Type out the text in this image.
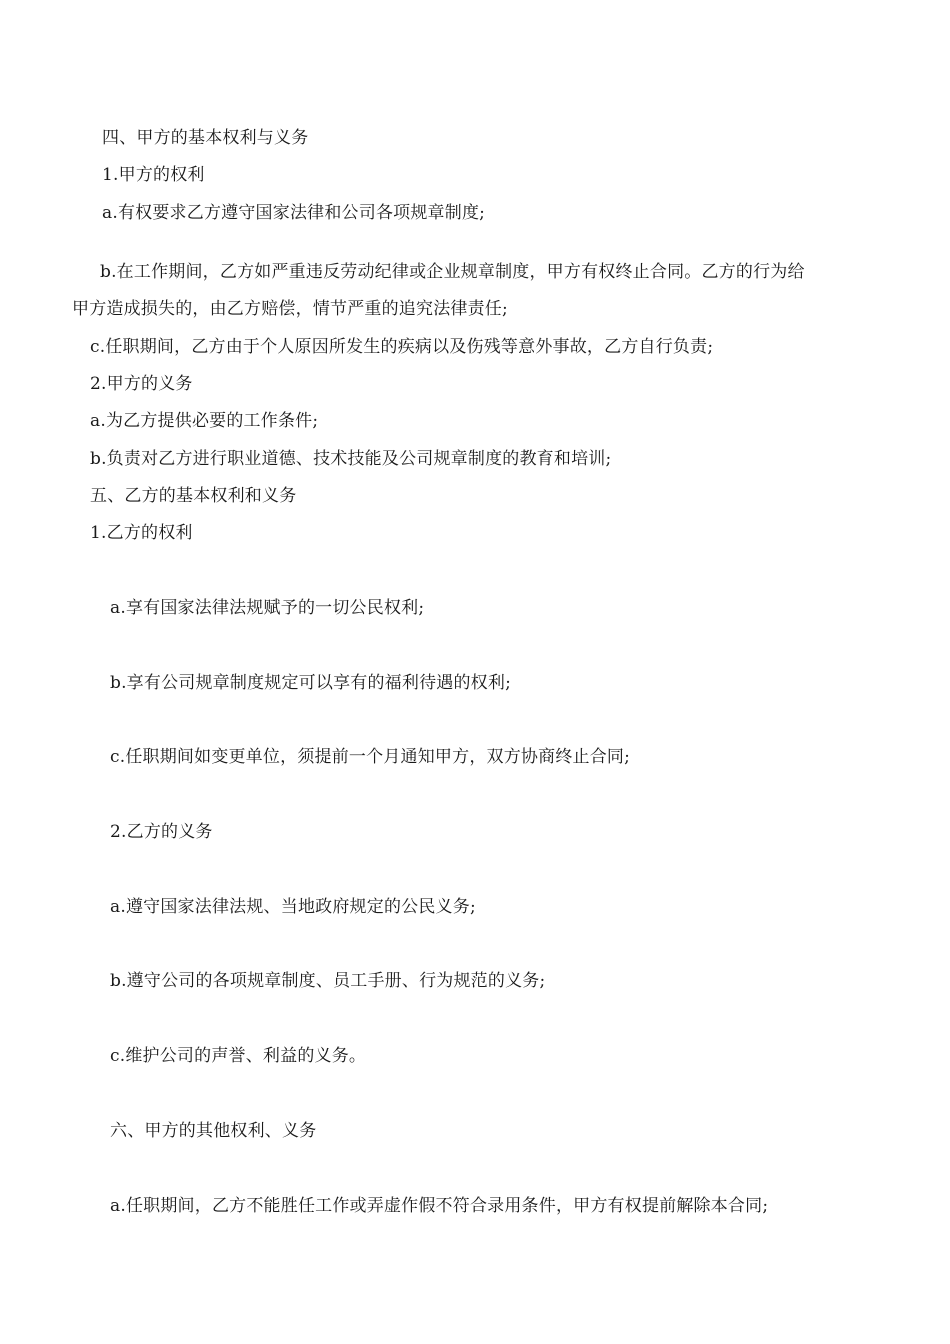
四、甲方的基本权利与义务
1.甲方的权利
a.有权要求乙方遵守国家法律和公司各项规章制度;
b.在工作期间，乙方如严重违反劳动纪律或企业规章制度，甲方有权终止合同。乙方的行为给
甲方造成损失的，由乙方赔偿，情节严重的追究法律责任;
c.任职期间，乙方由于个人原因所发生的疾病以及伤残等意外事故，乙方自行负责;
2.甲方的义务
a.为乙方提供必要的工作条件;
b.负责对乙方进行职业道德、技术技能及公司规章制度的教育和培训;
五、乙方的基本权利和义务
1.乙方的权利
a.享有国家法律法规赋予的一切公民权利;
b.享有公司规章制度规定可以享有的福利待遇的权利;
c.任职期间如变更单位，须提前一个月通知甲方，双方协商终止合同;
2.乙方的义务
a.遵守国家法律法规、当地政府规定的公民义务;
b.遵守公司的各项规章制度、员工手册、行为规范的义务;
c.维护公司的声誉、利益的义务。
六、甲方的其他权利、义务
a.任职期间，乙方不能胜任工作或弄虚作假不符合录用条件，甲方有权提前解除本合同;
